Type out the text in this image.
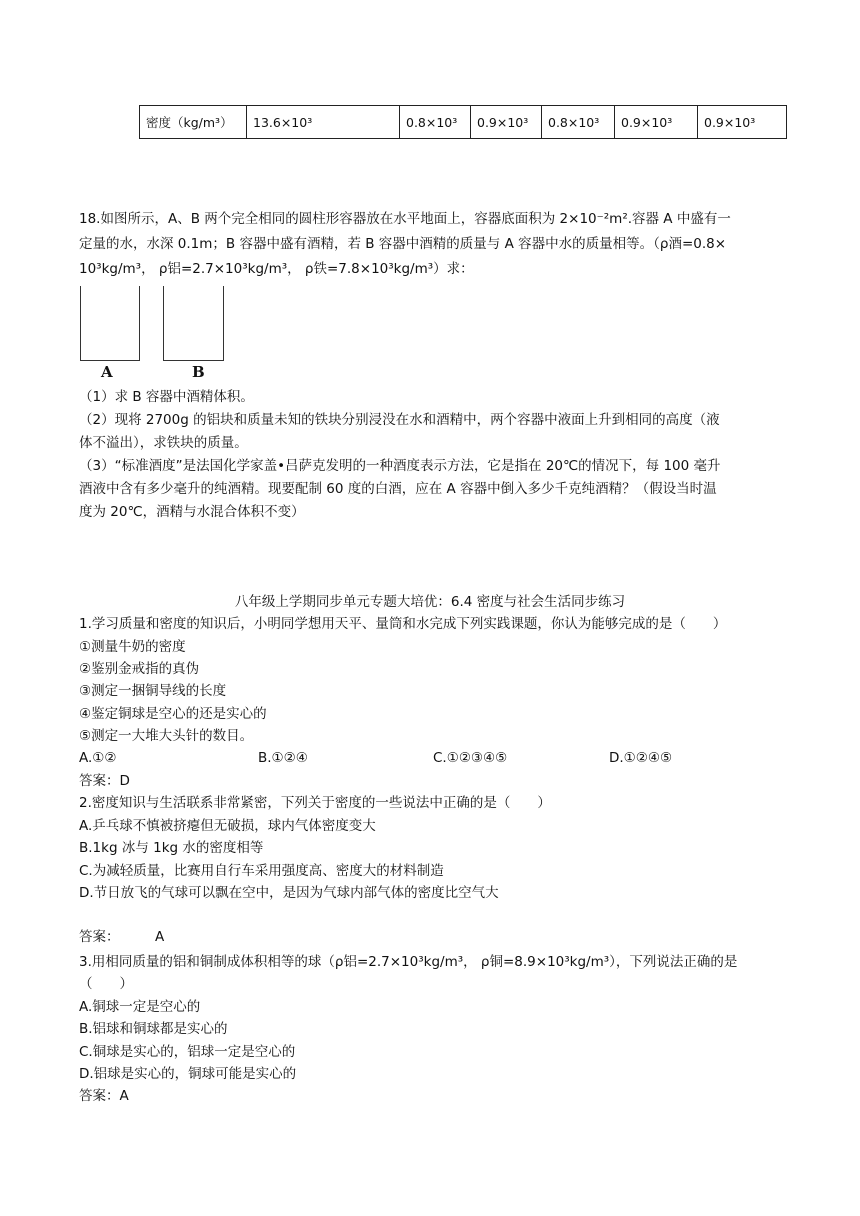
密度（kg/m³）	13.6×10³	0.8×10³	0.9×10³	0.8×10³	0.9×10³	0.9×10³
18.如图所示，A、B 两个完全相同的圆柱形容器放在水平地面上，容器底面积为 2×10⁻²m².容器 A 中盛有一
定量的水，水深 0.1m；B 容器中盛有酒精，若 B 容器中酒精的质量与 A 容器中水的质量相等。（ρ酒=0.8×
10³kg/m³， ρ铝=2.7×10³kg/m³， ρ铁=7.8×10³kg/m³）求：
A	B
（1）求 B 容器中酒精体积。
（2）现将 2700g 的铝块和质量未知的铁块分别浸没在水和酒精中，两个容器中液面上升到相同的高度（液
体不溢出），求铁块的质量。
（3）“标准酒度”是法国化学家盖•吕萨克发明的一种酒度表示方法，它是指在 20℃的情况下，每 100 毫升
酒液中含有多少毫升的纯酒精。现要配制 60 度的白酒，应在 A 容器中倒入多少千克纯酒精？（假设当时温
度为 20℃，酒精与水混合体积不变）
八年级上学期同步单元专题大培优：6.4 密度与社会生活同步练习
1.学习质量和密度的知识后，小明同学想用天平、量筒和水完成下列实践课题，你认为能够完成的是（　　）
①测量牛奶的密度
②鉴别金戒指的真伪
③测定一捆铜导线的长度
④鉴定铜球是空心的还是实心的
⑤测定一大堆大头针的数目。
A.①②	B.①②④	C.①②③④⑤	D.①②④⑤
答案：D
2.密度知识与生活联系非常紧密，下列关于密度的一些说法中正确的是（　　）
A.乒乓球不慎被挤瘪但无破损，球内气体密度变大
B.1kg 冰与 1kg 水的密度相等
C.为减轻质量，比赛用自行车采用强度高、密度大的材料制造
D.节日放飞的气球可以飘在空中，是因为气球内部气体的密度比空气大
答案：	A
3.用相同质量的铝和铜制成体积相等的球（ρ铝=2.7×10³kg/m³， ρ铜=8.9×10³kg/m³），下列说法正确的是
（　　）
A.铜球一定是空心的
B.铝球和铜球都是实心的
C.铜球是实心的，铝球一定是空心的
D.铝球是实心的，铜球可能是实心的
答案：A
